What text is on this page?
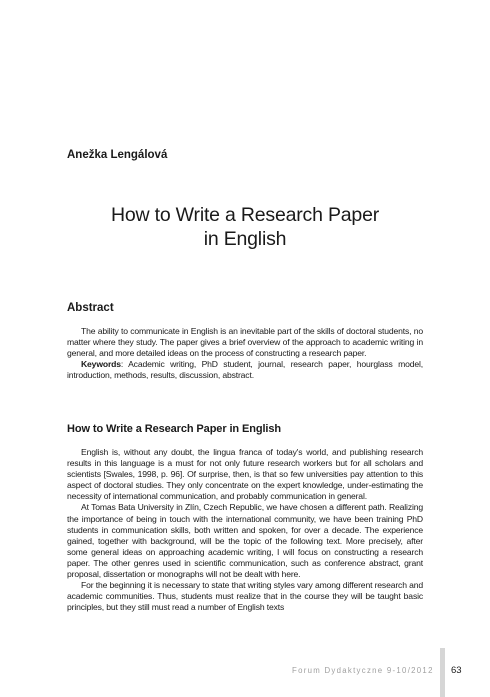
Anežka Lengálová
How to Write a Research Paper
in English
Abstract

The ability to communicate in English is an inevitable part of the skills of doctoral students, no matter where they study. The paper gives a brief overview of the approach to academic writing in general, and more detailed ideas on the process of constructing a research paper.

Keywords: Academic writing, PhD student, journal, research paper, hourglass model, introduction, methods, results, discussion, abstract.

How to Write a Research Paper in English

English is, without any doubt, the lingua franca of today's world, and publishing research results in this language is a must for not only future research workers but for all scholars and scientists [Swales, 1998, p. 96]. Of surprise, then, is that so few universities pay attention to this aspect of doctoral studies. They only concentrate on the expert knowledge, under-estimating the necessity of international communication, and probably communication in general.

At Tomas Bata University in Zlín, Czech Republic, we have chosen a different path. Realizing the importance of being in touch with the international community, we have been training PhD students in communication skills, both written and spoken, for over a decade. The experience gained, together with background, will be the topic of the following text. More precisely, after some general ideas on approaching academic writing, I will focus on constructing a research paper. The other genres used in scientific communication, such as conference abstract, grant proposal, dissertation or monographs will not be dealt with here.

For the beginning it is necessary to state that writing styles vary among different research and academic communities. Thus, students must realize that in the course they will be taught basic principles, but they still must read a number of English texts

Forum Dydaktyczne 9-10/2012 63
